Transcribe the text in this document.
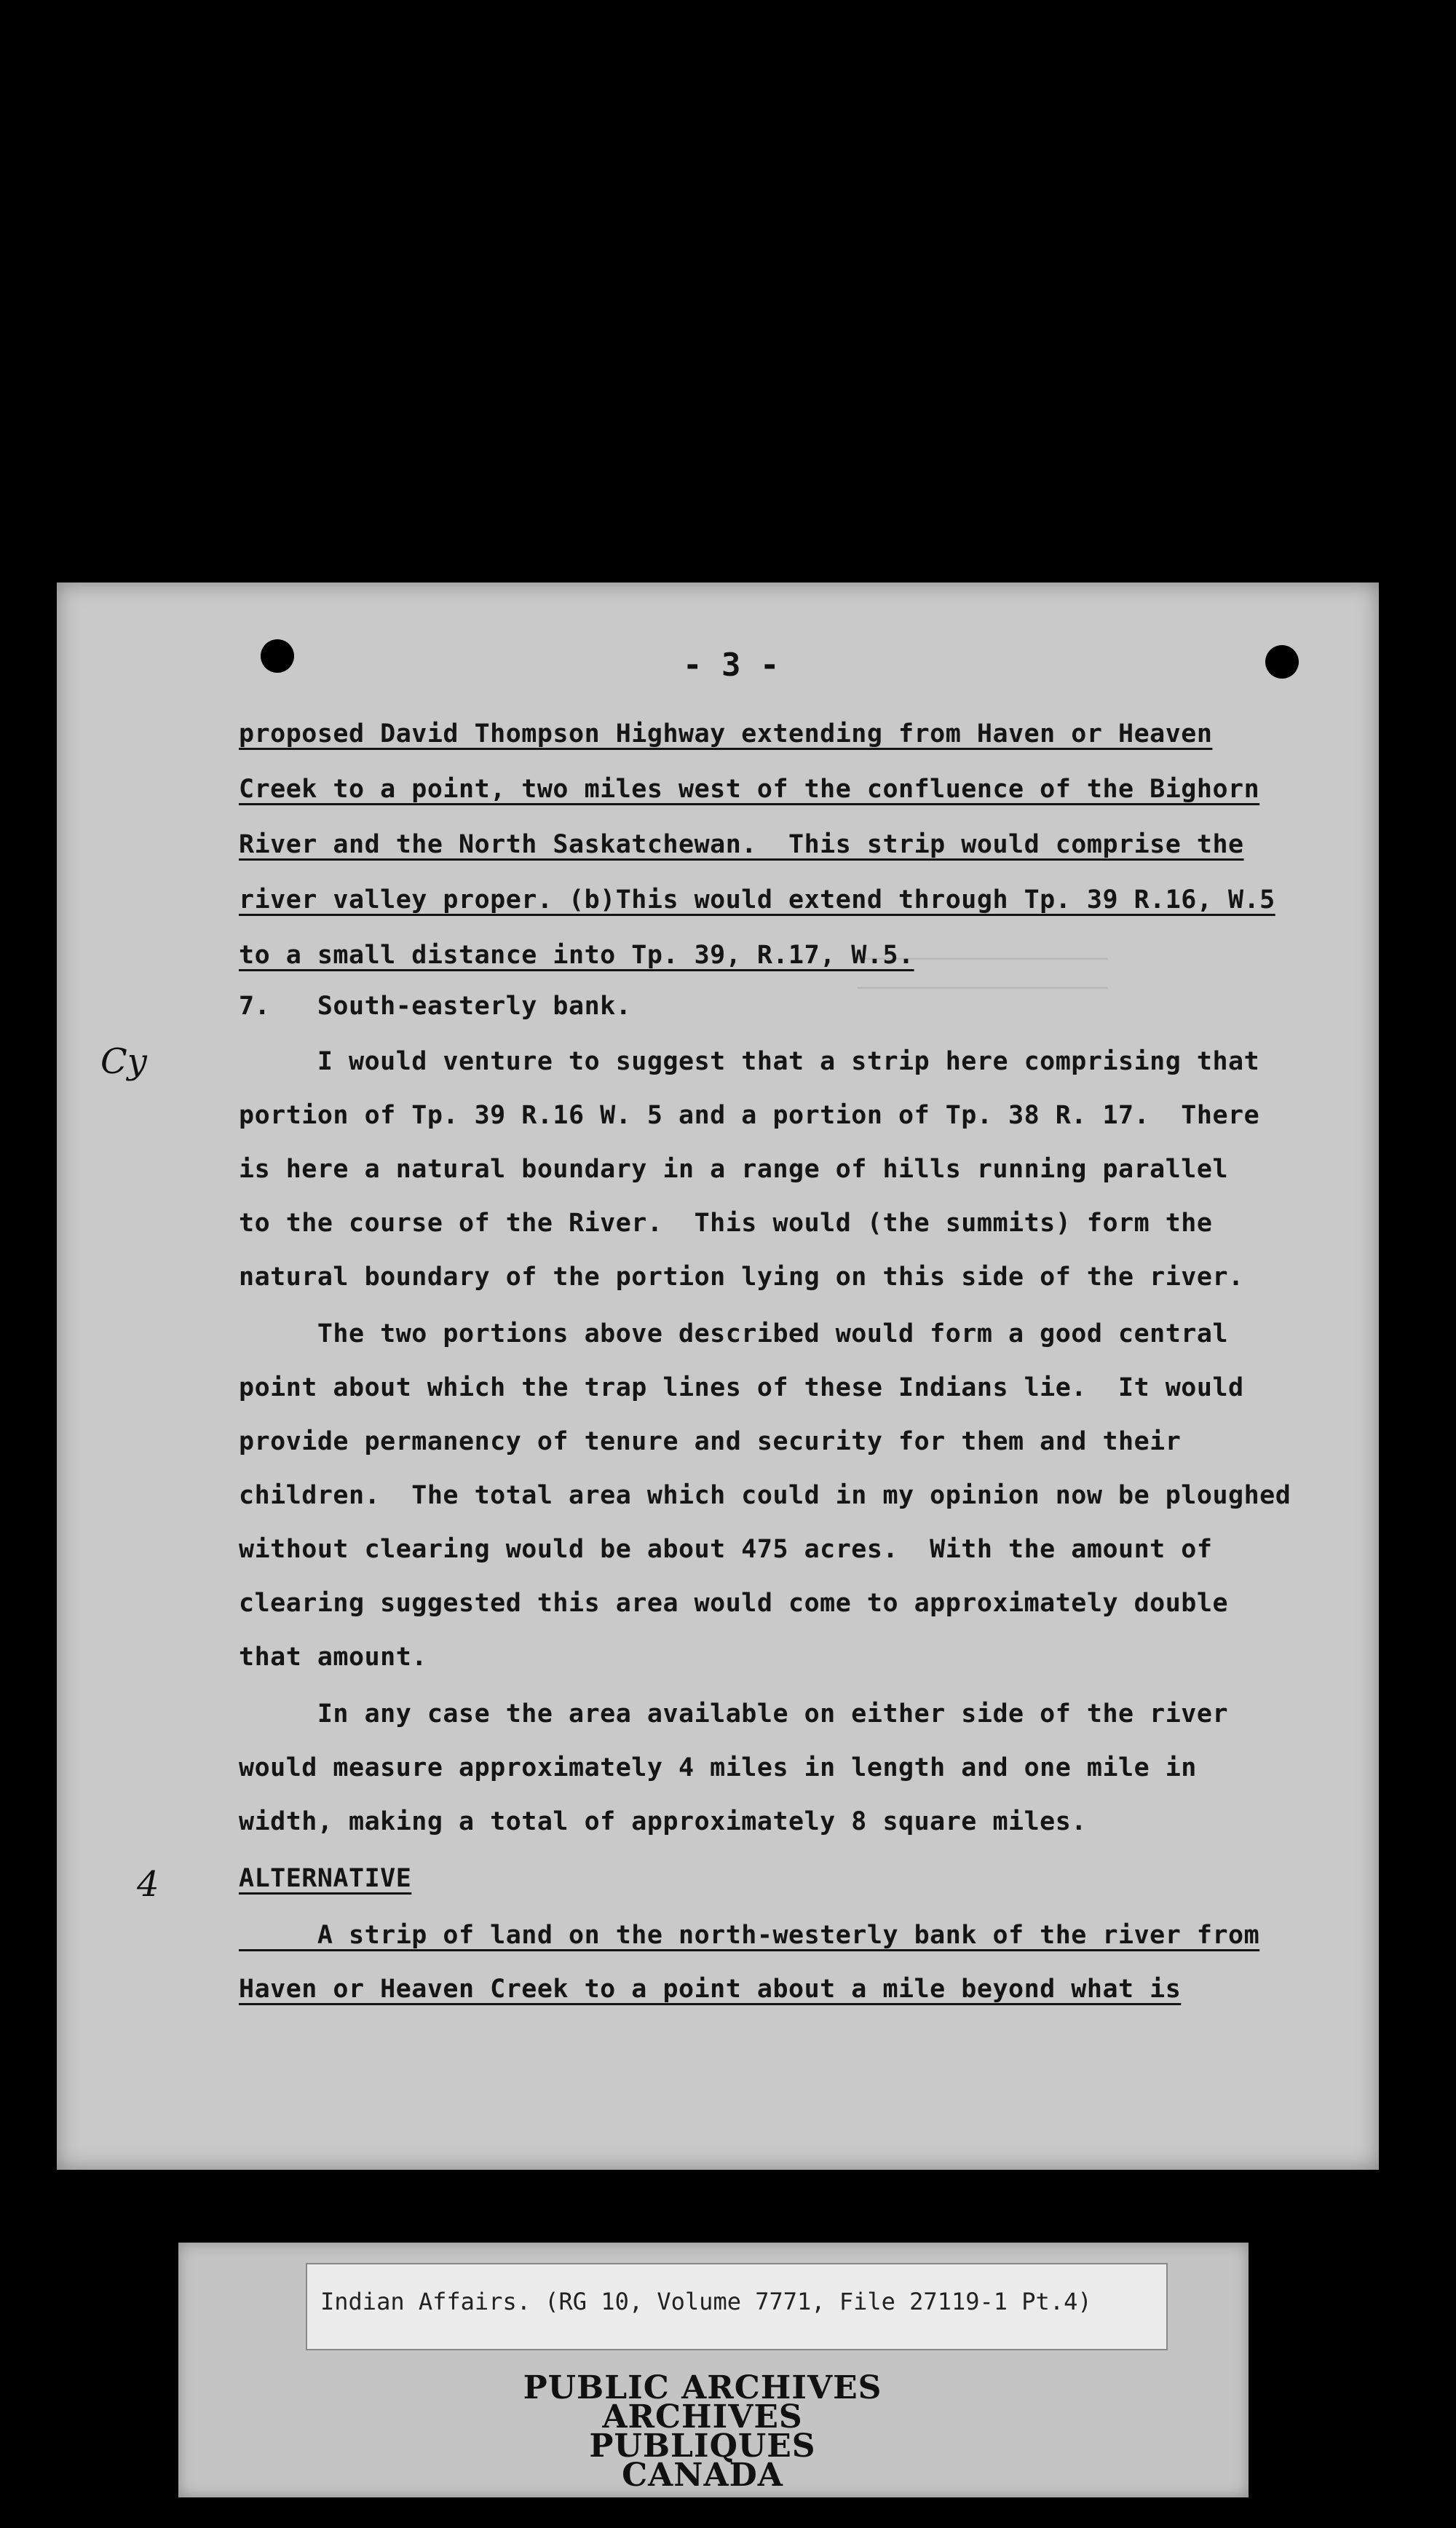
───────────────────
───────────────────
- 3 -
proposed David Thompson Highway extending from Haven or Heaven
Creek to a point, two miles west of the confluence of the Bighorn
River and the North Saskatchewan.  This strip would comprise the
river valley proper. (b)This would extend through Tp. 39 R.16, W.5
to a small distance into Tp. 39, R.17, W.5.
7.   South-easterly bank.
I would venture to suggest that a strip here comprising that
portion of Tp. 39 R.16 W. 5 and a portion of Tp. 38 R. 17.  There
is here a natural boundary in a range of hills running parallel
to the course of the River.  This would (the summits) form the
natural boundary of the portion lying on this side of the river.
The two portions above described would form a good central
point about which the trap lines of these Indians lie.  It would
provide permanency of tenure and security for them and their
children.  The total area which could in my opinion now be ploughed
without clearing would be about 475 acres.  With the amount of
clearing suggested this area would come to approximately double
that amount.
In any case the area available on either side of the river
would measure approximately 4 miles in length and one mile in
width, making a total of approximately 8 square miles.
ALTERNATIVE
A strip of land on the north-westerly bank of the river from
Haven or Heaven Creek to a point about a mile beyond what is
Cy
4
Indian Affairs. (RG 10, Volume 7771, File 27119-1 Pt.4)
PUBLIC ARCHIVES
ARCHIVES PUBLIQUES
CANADA
